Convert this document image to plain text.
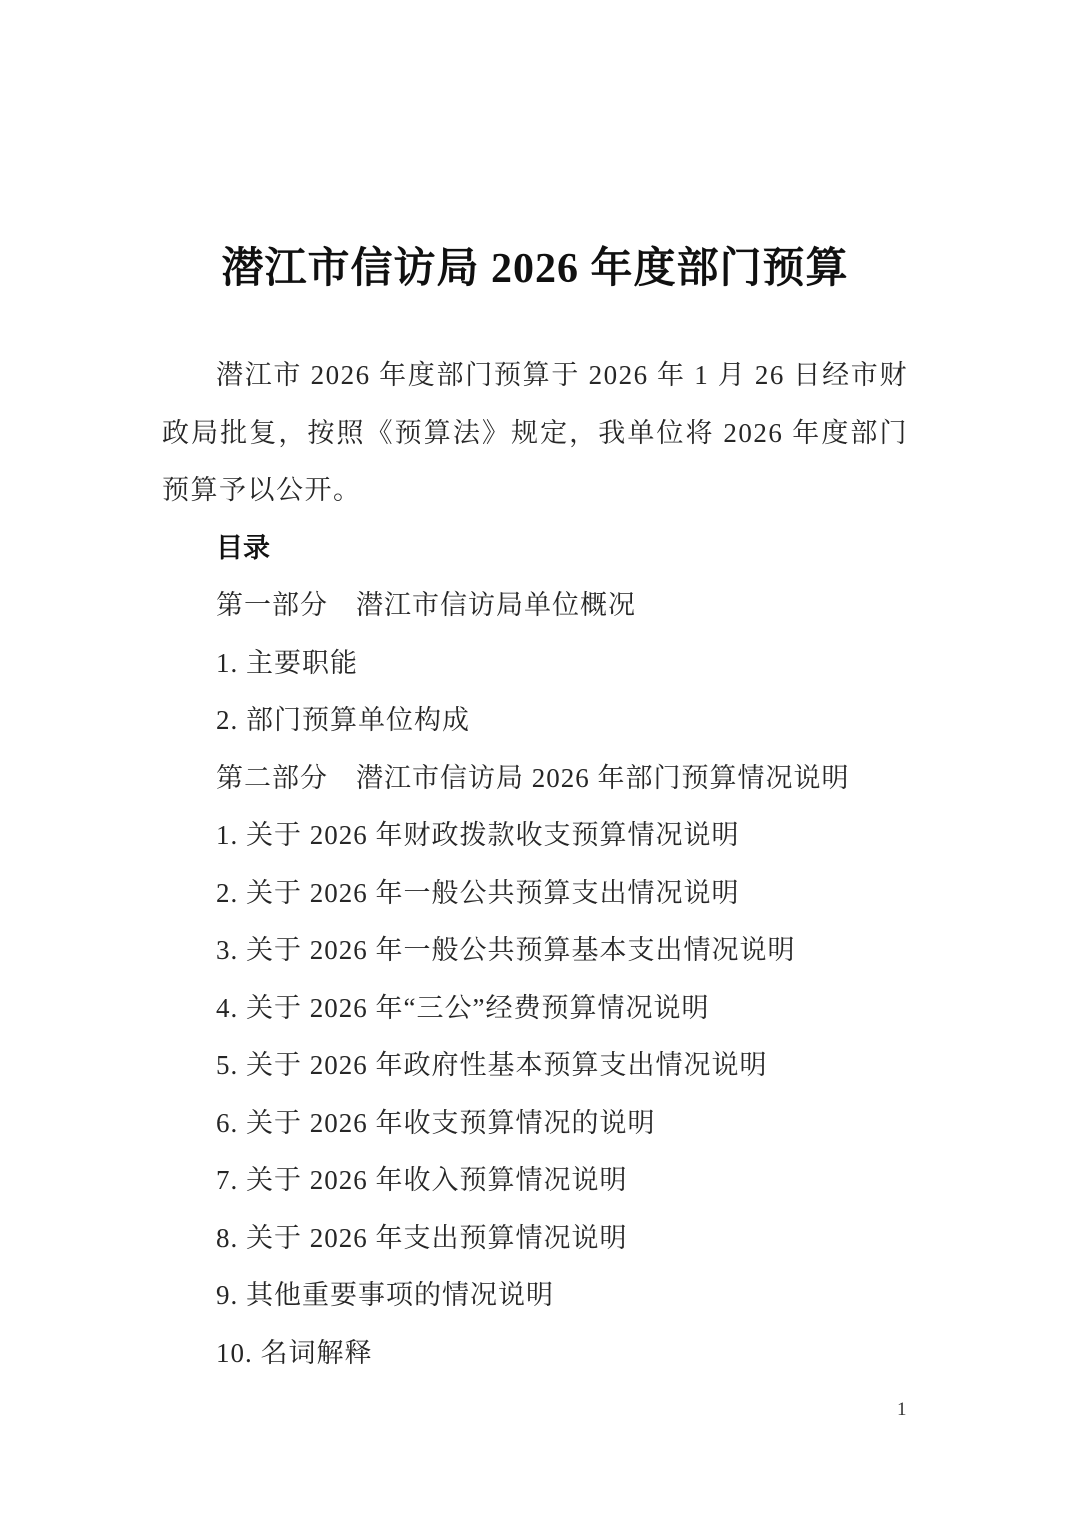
潜江市信访局 2026 年度部门预算

潜江市 2026 年度部门预算于 2026 年 1 月 26 日经市财政局批复，按照《预算法》规定，我单位将 2026 年度部门预算予以公开。

目录

第一部分　潜江市信访局单位概况

1. 主要职能

2. 部门预算单位构成

第二部分　潜江市信访局 2026 年部门预算情况说明

1. 关于 2026 年财政拨款收支预算情况说明

2. 关于 2026 年一般公共预算支出情况说明

3. 关于 2026 年一般公共预算基本支出情况说明

4. 关于 2026 年“三公”经费预算情况说明

5. 关于 2026 年政府性基本预算支出情况说明

6. 关于 2026 年收支预算情况的说明

7. 关于 2026 年收入预算情况说明

8. 关于 2026 年支出预算情况说明

9. 其他重要事项的情况说明

10. 名词解释

1
